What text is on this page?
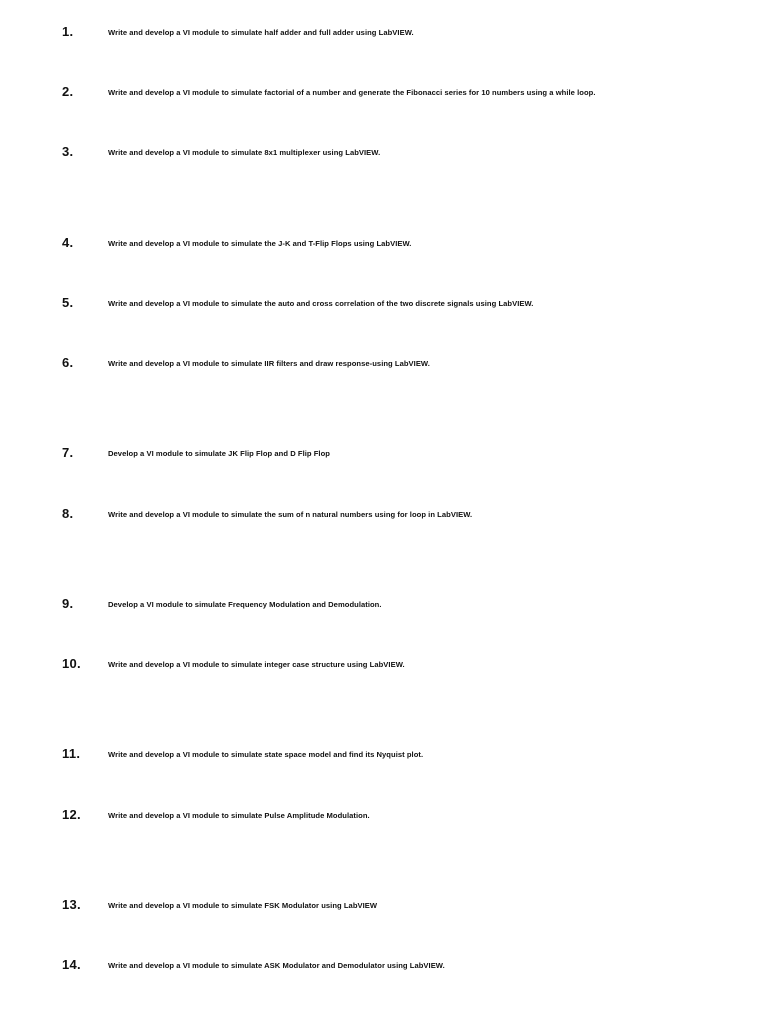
1.	Write and develop a VI module to simulate half adder and full adder using LabVIEW.
2.	Write and develop a VI module to simulate factorial of a number and generate the Fibonacci series for 10 numbers using a while loop.
3.	Write and develop a VI module to simulate 8x1 multiplexer using LabVIEW.
4.	Write and develop a VI module to simulate the J-K and T-Flip Flops using LabVIEW.
5.	Write and develop a VI module to simulate the auto and cross correlation of the two discrete signals using LabVIEW.
6.	Write and develop a VI module to simulate IIR filters and draw response-using LabVIEW.
7.	Develop a VI module to simulate JK Flip Flop and D Flip Flop
8.	Write and develop a VI module to simulate the sum of n natural numbers using for loop in LabVIEW.
9.	Develop a VI module to simulate Frequency Modulation and Demodulation.
10.	Write and develop a VI module to simulate integer case structure using LabVIEW.
11.	Write and develop a VI module to simulate state space model and find its Nyquist plot.
12.	Write and develop a VI module to simulate Pulse Amplitude Modulation.
13.	Write and develop a VI module to simulate FSK Modulator using LabVIEW
14.	Write and develop a VI module to simulate ASK Modulator and Demodulator using LabVIEW.
